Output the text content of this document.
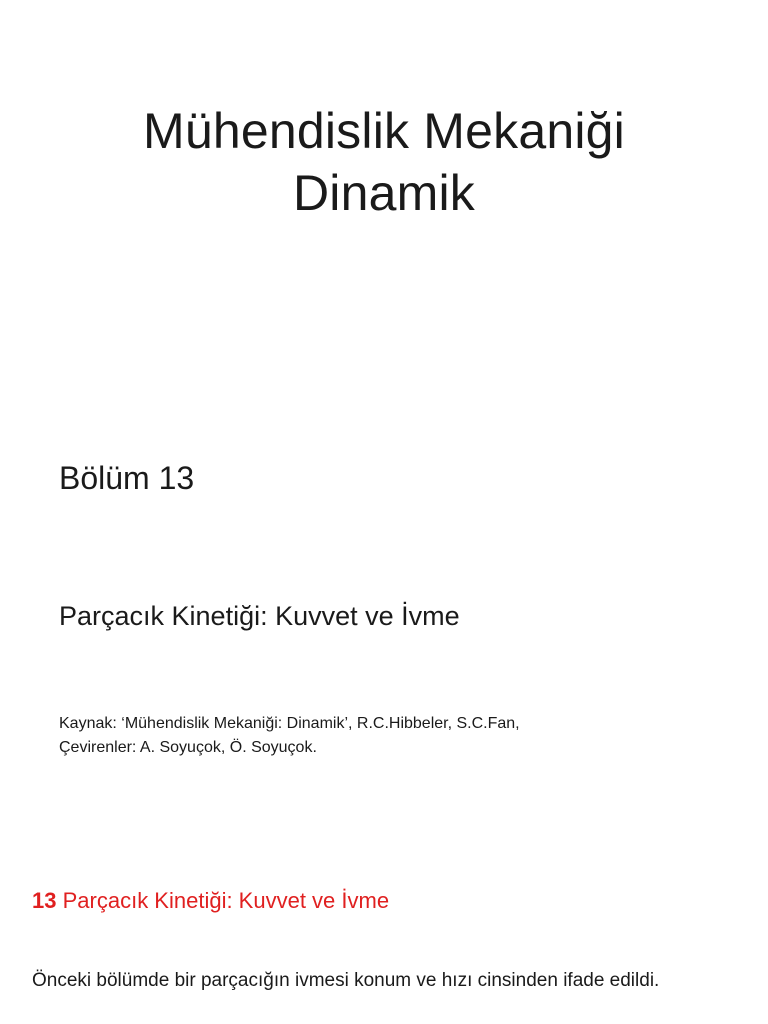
Mühendislik Mekaniği
Dinamik

Bölüm 13

Parçacık Kinetiği: Kuvvet ve İvme

Kaynak: ‘Mühendislik Mekaniği: Dinamik’, R.C.Hibbeler, S.C.Fan,
Çevirenler: A. Soyuçok, Ö. Soyuçok.

13 Parçacık Kinetiği: Kuvvet ve İvme

Önceki bölümde bir parçacığın ivmesi konum ve hızı cinsinden ifade edildi.
